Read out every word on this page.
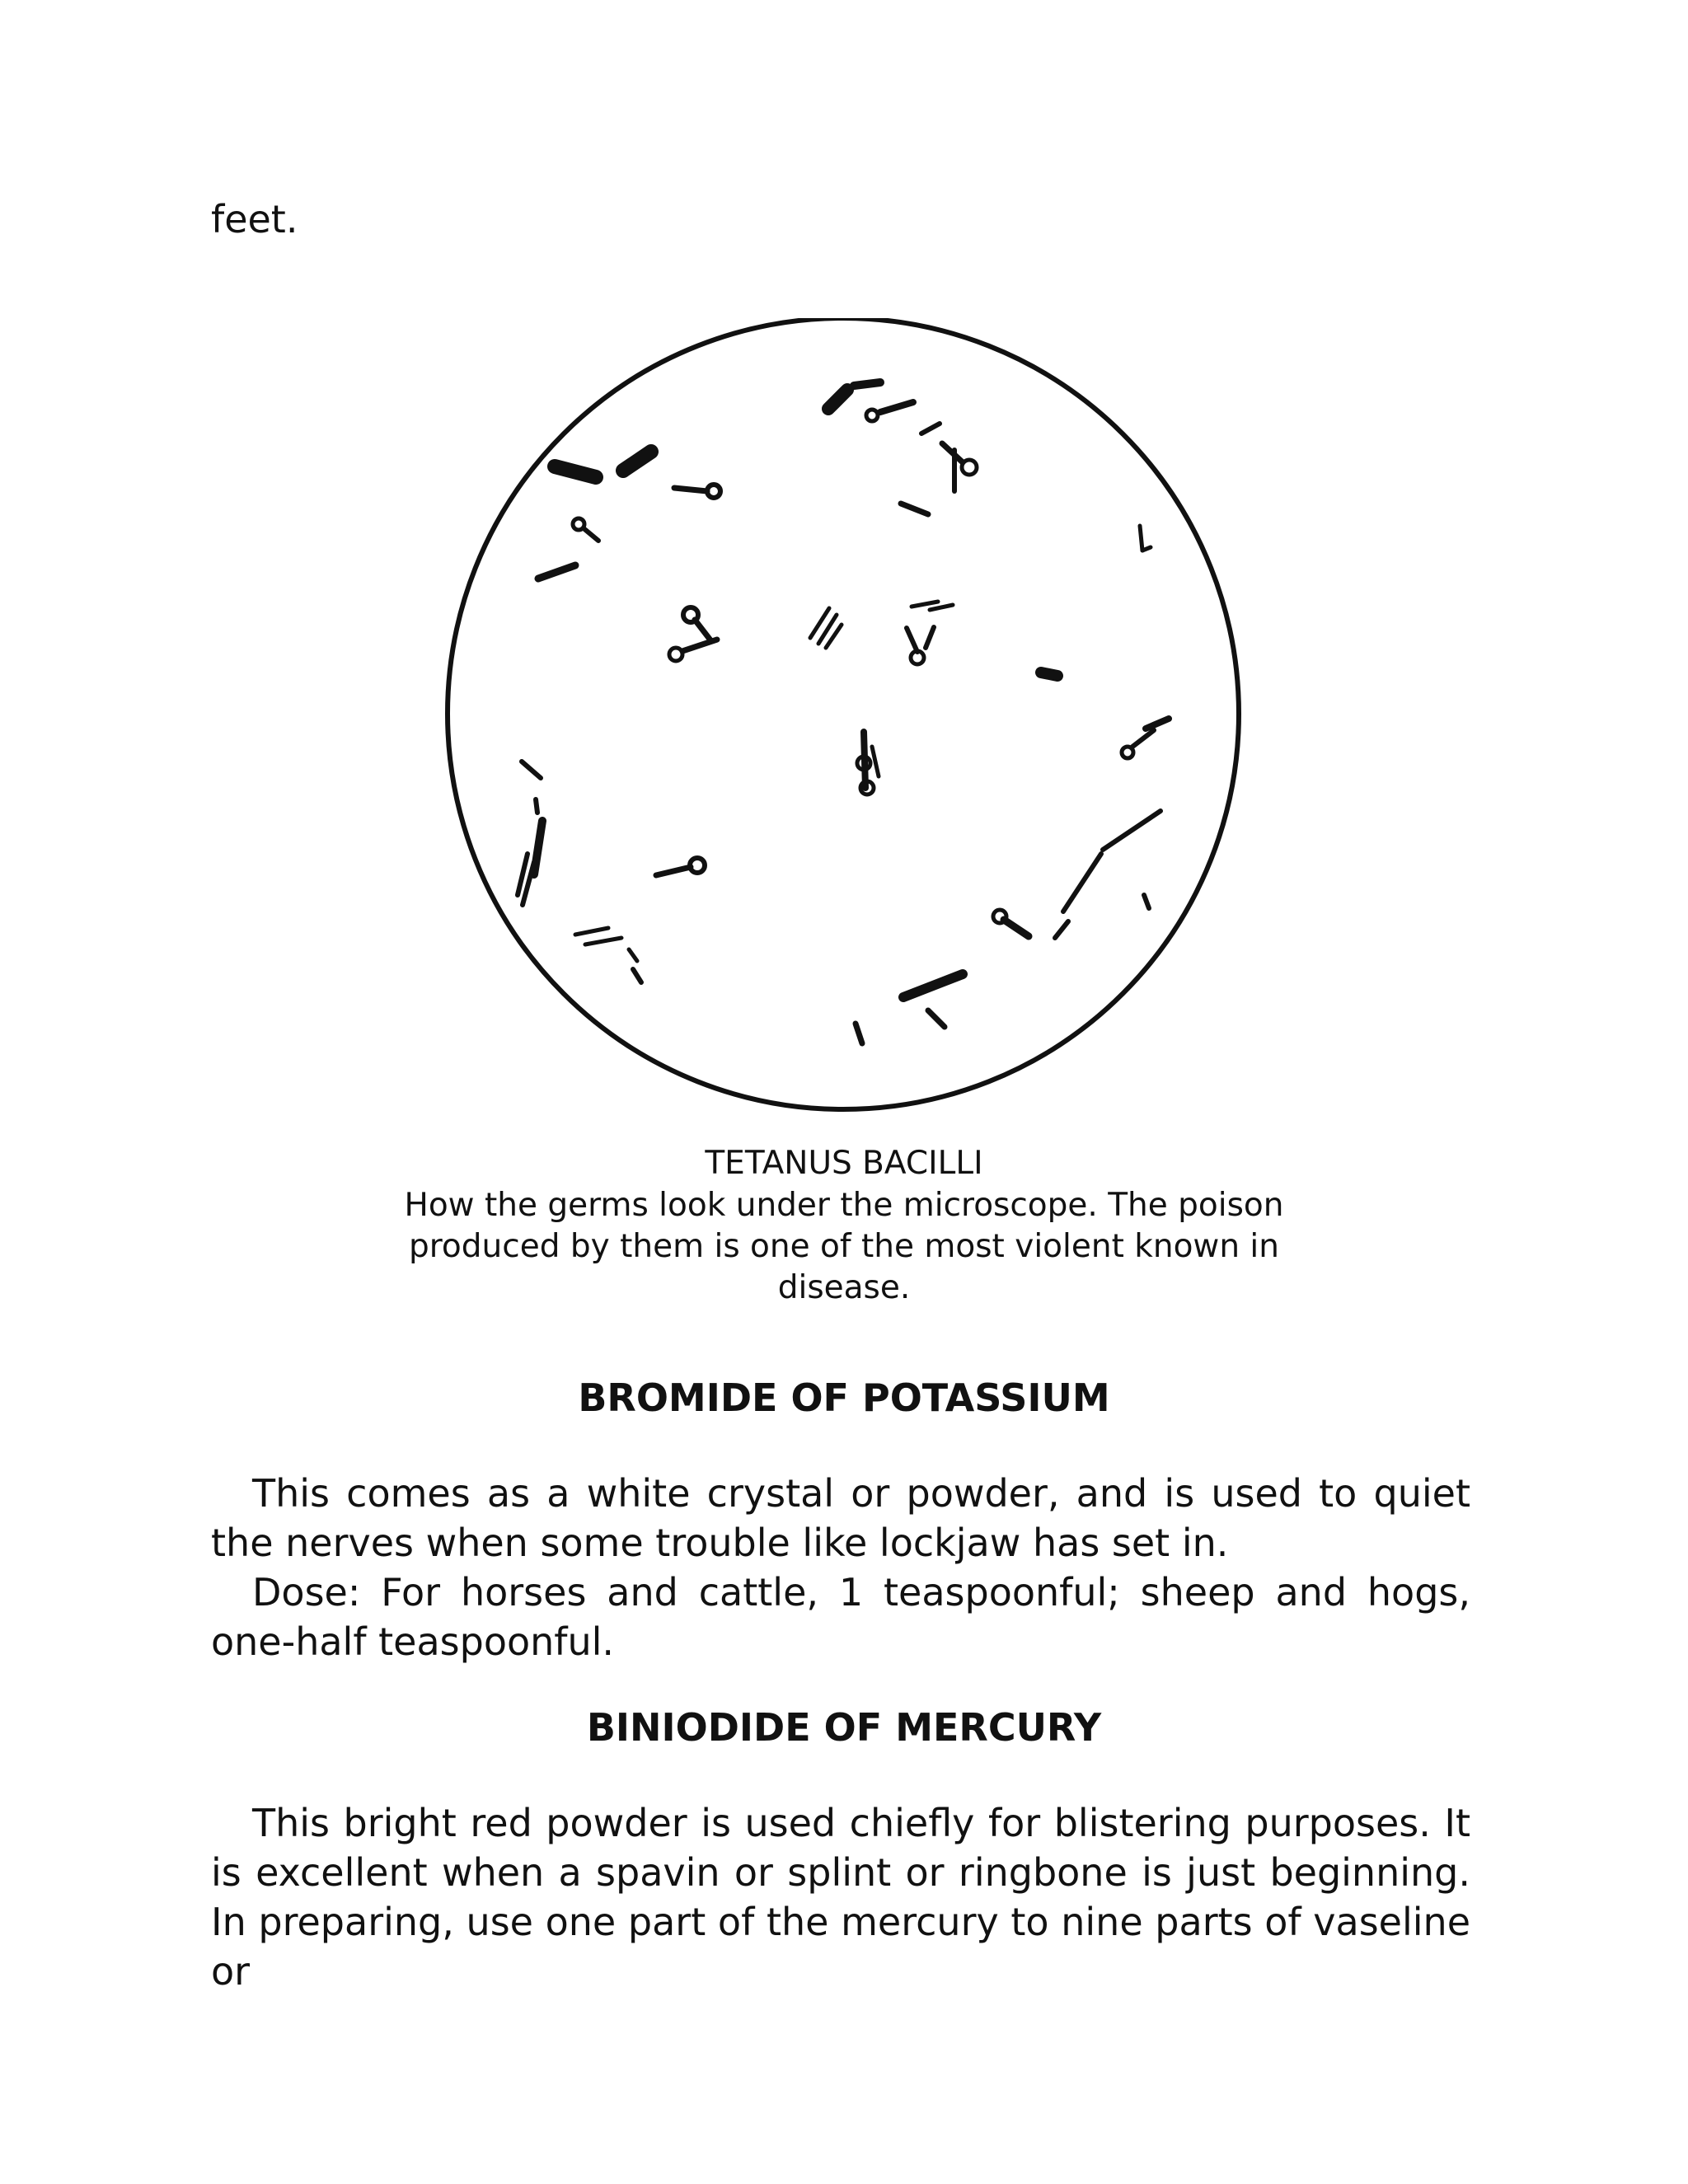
feet.

TETANUS BACILLI

How the germs look under the microscope. The poison produced by them is one of the most violent known in disease.

BROMIDE OF POTASSIUM

This comes as a white crystal or powder, and is used to quiet the nerves when some trouble like lockjaw has set in.

Dose: For horses and cattle, 1 teaspoonful; sheep and hogs, one-half teaspoonful.

BINIODIDE OF MERCURY

This bright red powder is used chiefly for blistering purposes. It is excellent when a spavin or splint or ringbone is just beginning. In preparing, use one part of the mercury to nine parts of vaseline or
